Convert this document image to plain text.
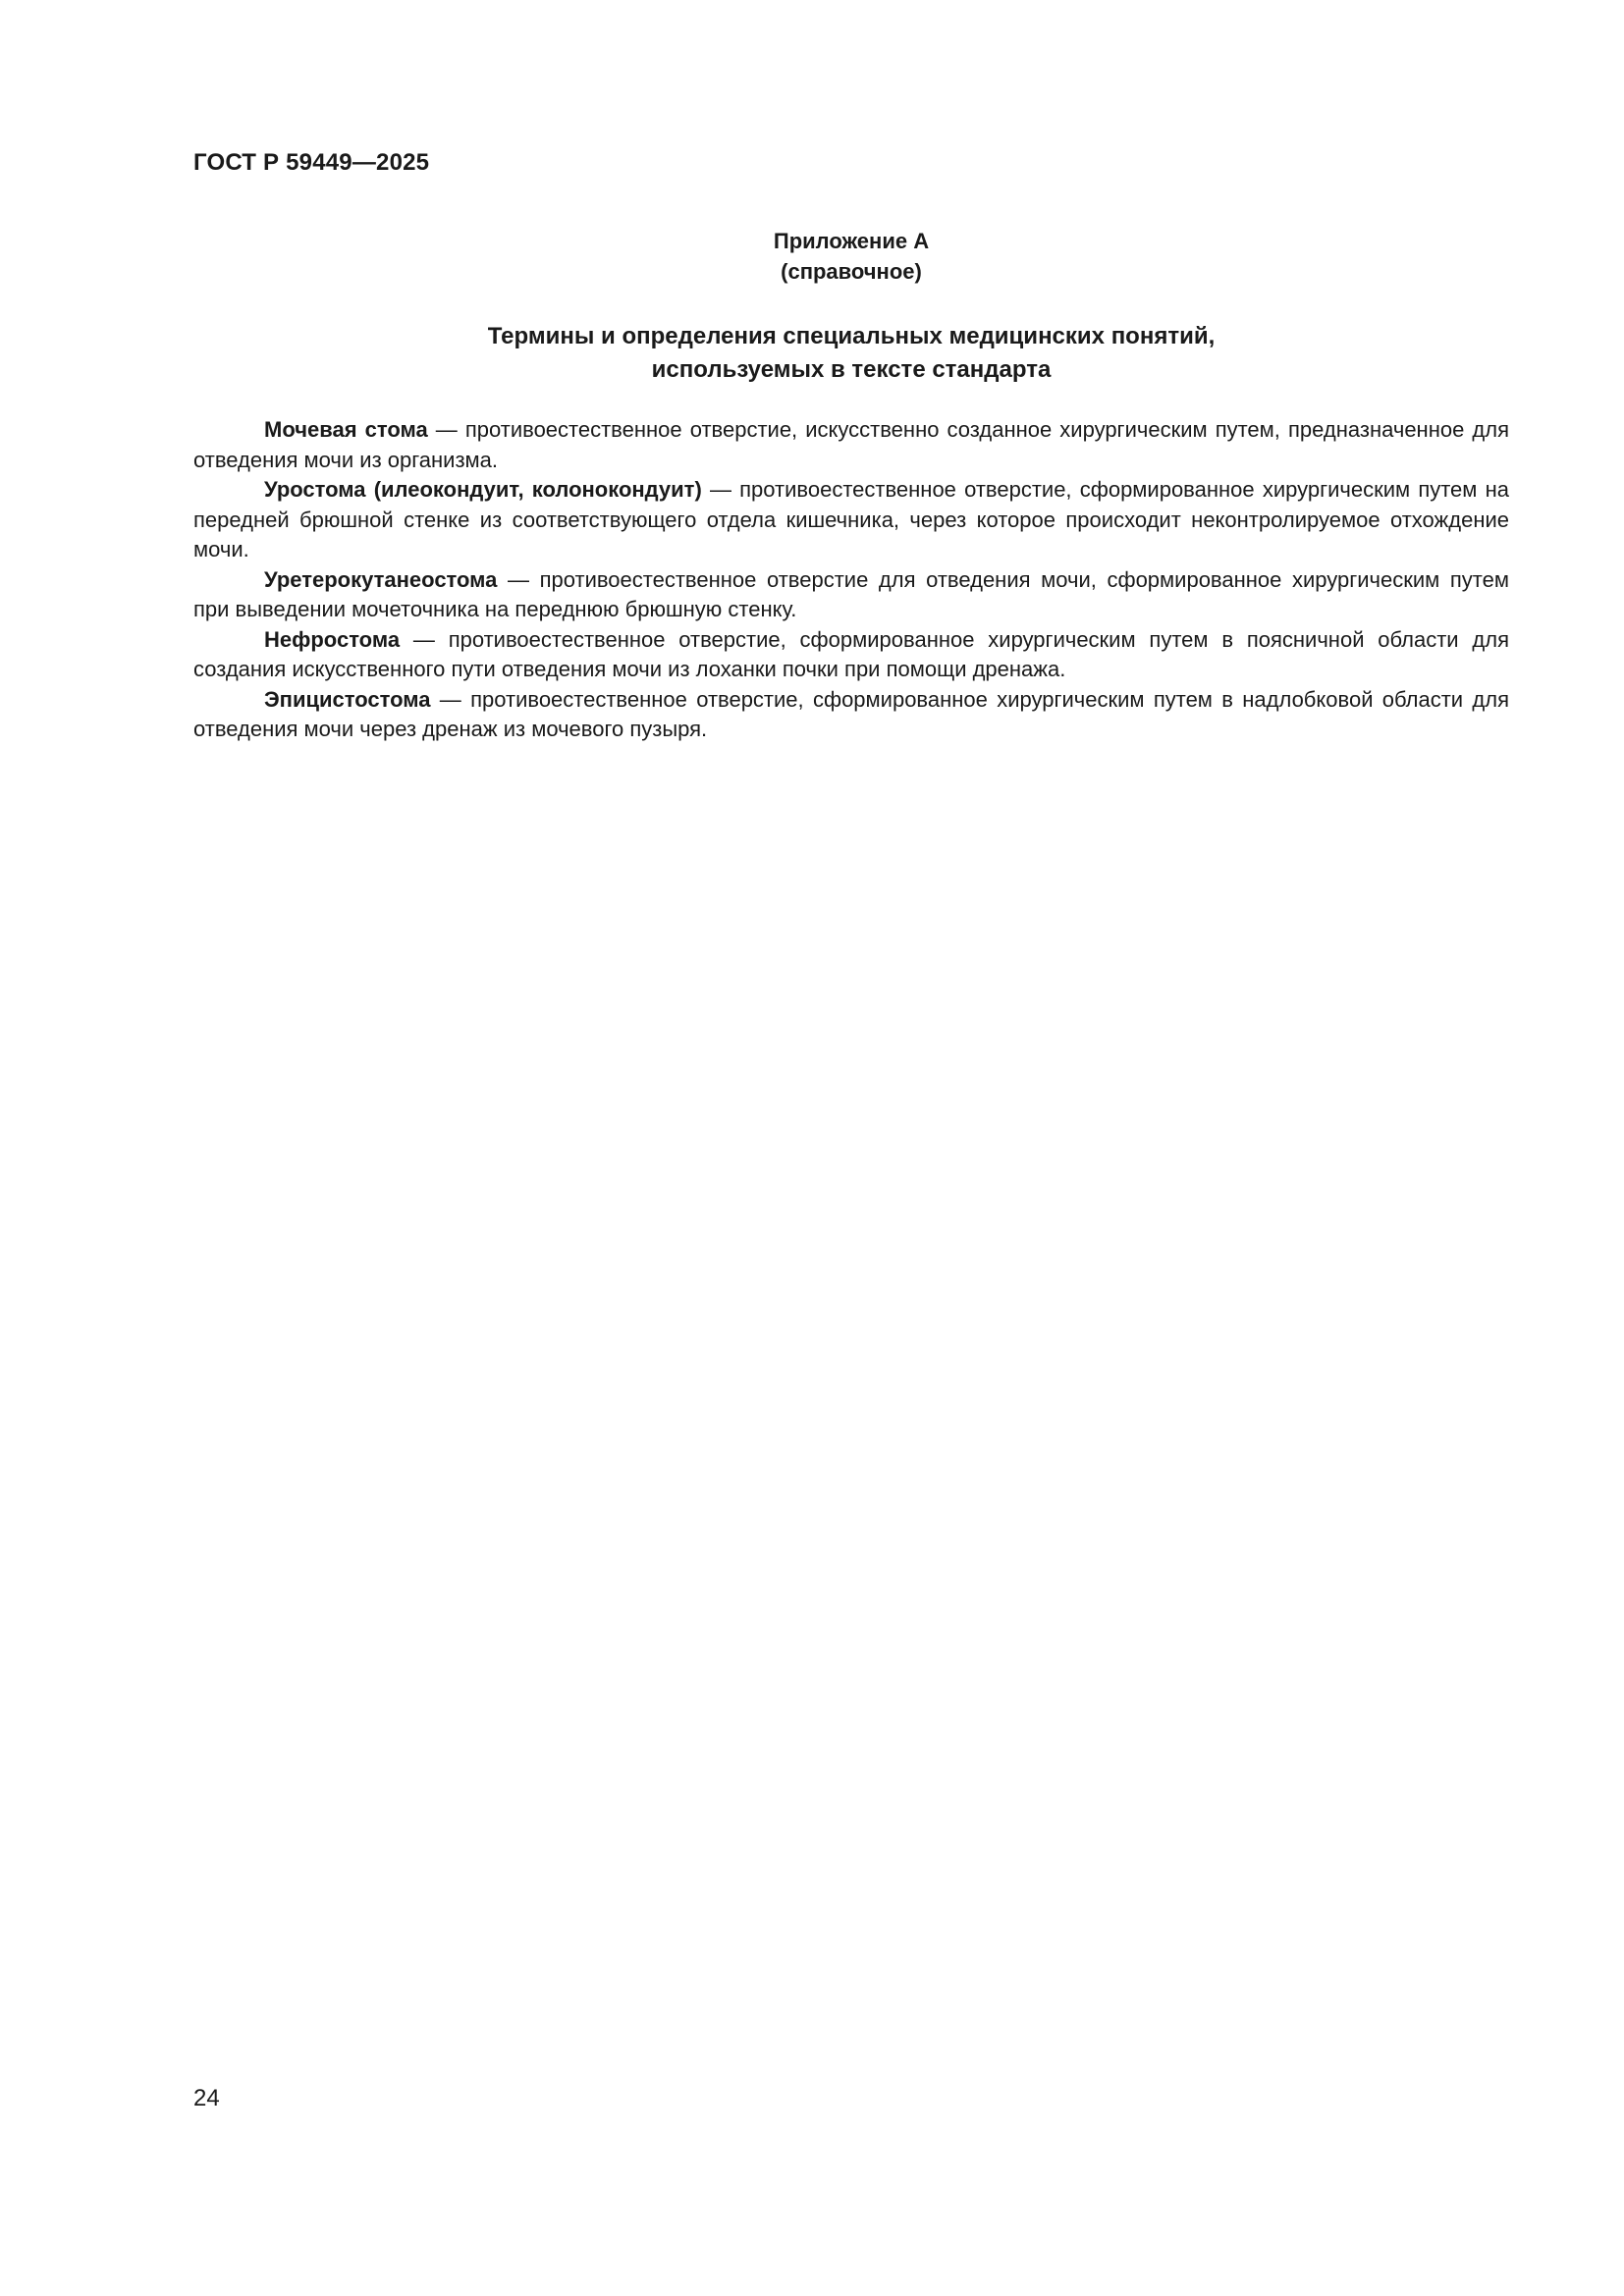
ГОСТ Р 59449—2025
Приложение А
(справочное)
Термины и определения специальных медицинских понятий,
используемых в тексте стандарта

Мочевая стома — противоестественное отверстие, искусственно созданное хирургическим путем, предназначенное для отведения мочи из организма.

Уростома (илеокондуит, колонокондуит) — противоестественное отверстие, сформированное хирургическим путем на передней брюшной стенке из соответствующего отдела кишечника, через которое происходит неконтролируемое отхождение мочи.

Уретерокутанеостома — противоестественное отверстие для отведения мочи, сформированное хирургическим путем при выведении мочеточника на переднюю брюшную стенку.

Нефростома — противоестественное отверстие, сформированное хирургическим путем в поясничной области для создания искусственного пути отведения мочи из лоханки почки при помощи дренажа.

Эпицистостома — противоестественное отверстие, сформированное хирургическим путем в надлобковой области для отведения мочи через дренаж из мочевого пузыря.

24
